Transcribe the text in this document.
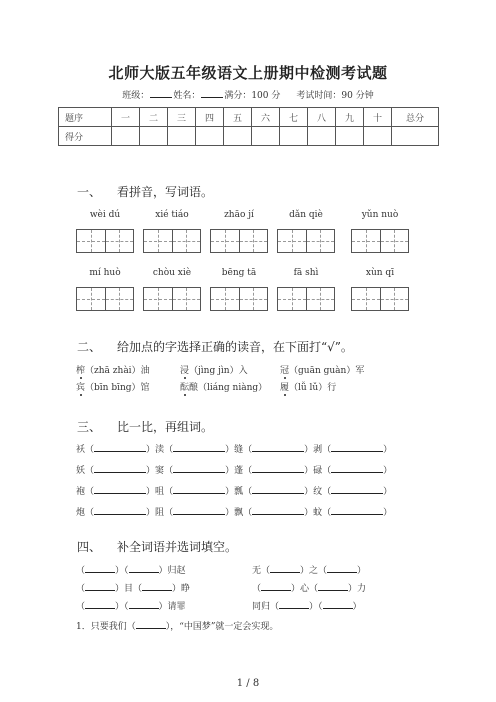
北师大版五年级语文上册期中检测考试题
班级：	姓名：	满分：100 分 考试时间：90 分钟
题序	一	二	三	四	五	六	七	八	九	十	总分
得分											
一、 看拼音，写词语。
wèi dú	xié tiáo	zhāo jí	dǎn qiè	yǔn nuò
mí huò	chòu xiè	bēng tā	fā shì	xùn qī
二、 给加点的字选择正确的读音，在下面打“√”。
榨（zhā zhài）油	浸（jìng jìn）入	冠（guān guàn）军
宾（bīn bīng）馆	酝酿（liáng niàng） 履（lǚ lǔ）行
三、 比一比，再组词。
袄（	）渎（	）缝（	）剥（	）
妖（	）窦（	）蓬（	）碌（	）
袍（	）咀（	）瓢（	）纹（	）
炮（	）阻（	）飘（	）蚊（	）
四、 补全词语并选词填空。
（	）（	）归赵	无（	）之（	）
（	）目（	）睁	（	）心（	）力
（	）（	）请罪	同归（	）（	）
1．只要我们（	），“中国梦”就一定会实现。
1 / 8
